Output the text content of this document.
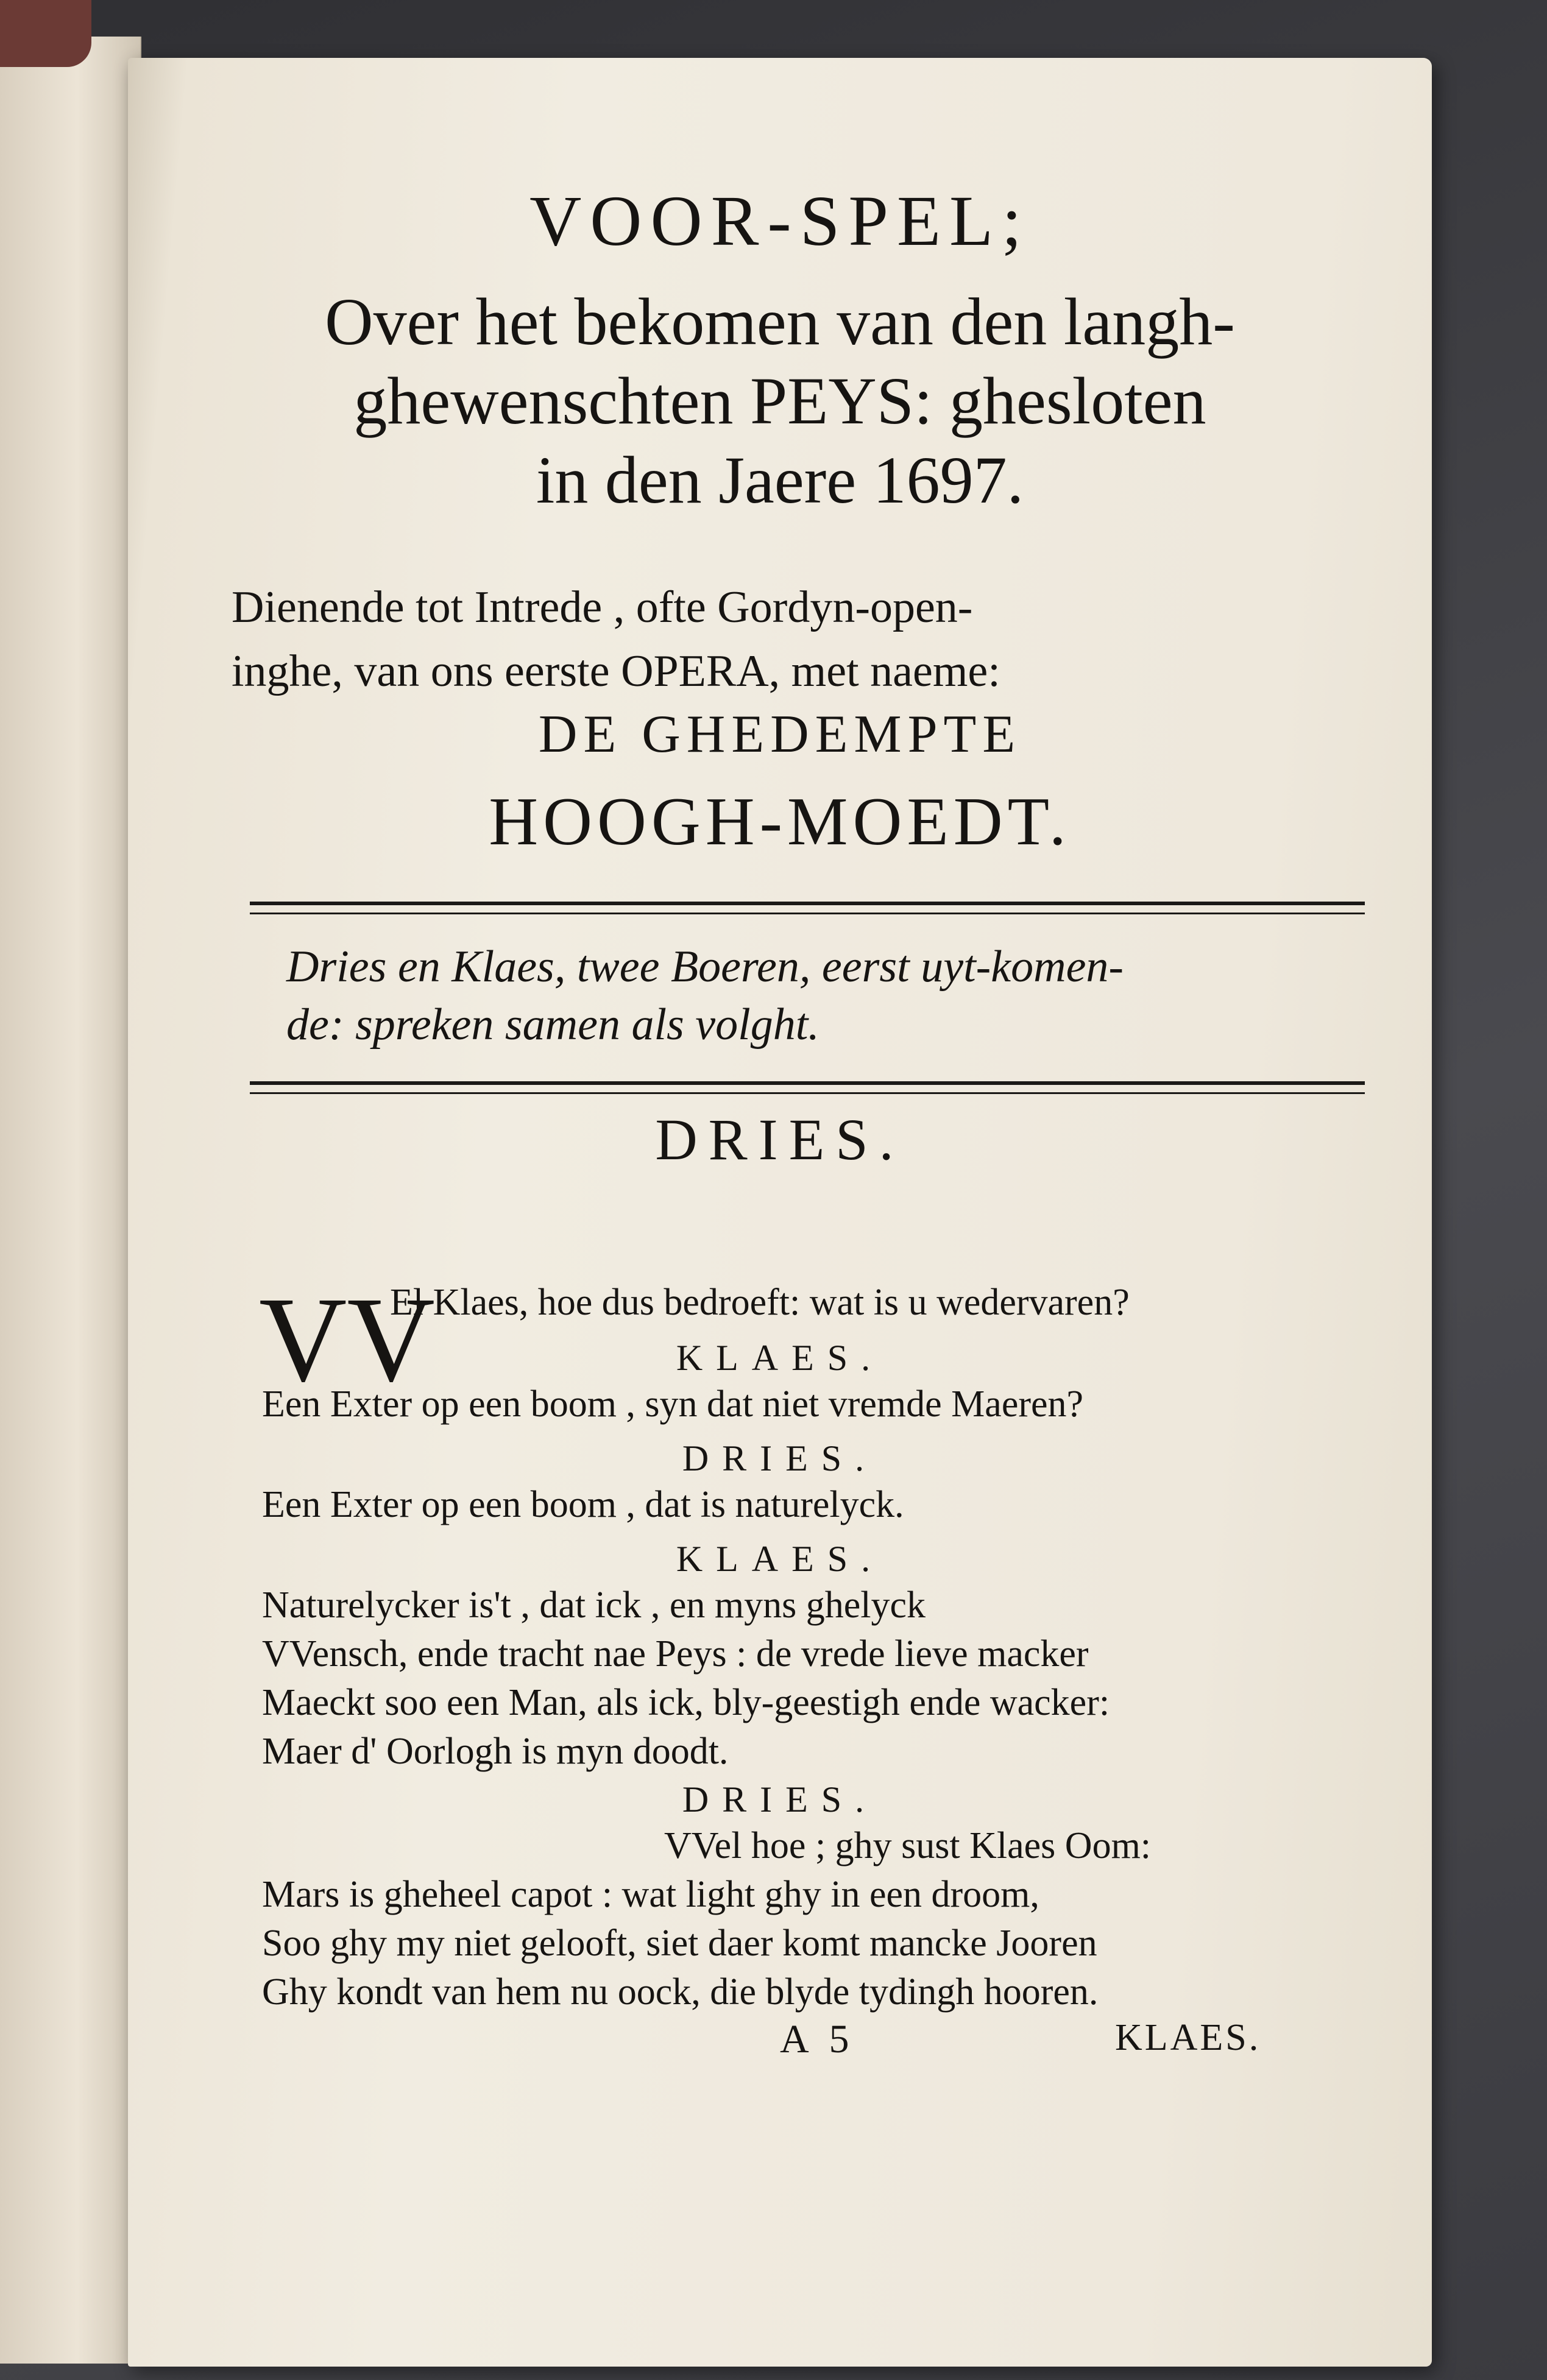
VOOR-SPEL;
Over het bekomen van den langh-
ghewenschten PEYS: ghesloten
in den Jaere 1697.
Dienende tot Intrede , ofte Gordyn-open-
inghe, van ons eerste OPERA, met naeme:
DE GHEDEMPTE
HOOGH-MOEDT.
Dries en Klaes, twee Boeren, eerst uyt-komen-
de: spreken samen als volght.
DRIES.
VV
El Klaes, hoe dus bedroeft: wat is u wedervaren?
KLAES.
Een Exter op een boom , syn dat niet vremde Maeren?
DRIES.
Een Exter op een boom , dat is naturelyck.
KLAES.
Naturelycker is't , dat ick , en myns ghelyck
VVensch, ende tracht nae Peys : de vrede lieve macker
Maeckt soo een Man, als ick, bly-geestigh ende wacker:
Maer d' Oorlogh is myn doodt.
DRIES.
VVel hoe ; ghy sust Klaes Oom:
Mars is gheheel capot : wat light ghy in een droom,
Soo ghy my niet gelooft, siet daer komt mancke Jooren
Ghy kondt van hem nu oock, die blyde tydingh hooren.
A 5	KLAES.
